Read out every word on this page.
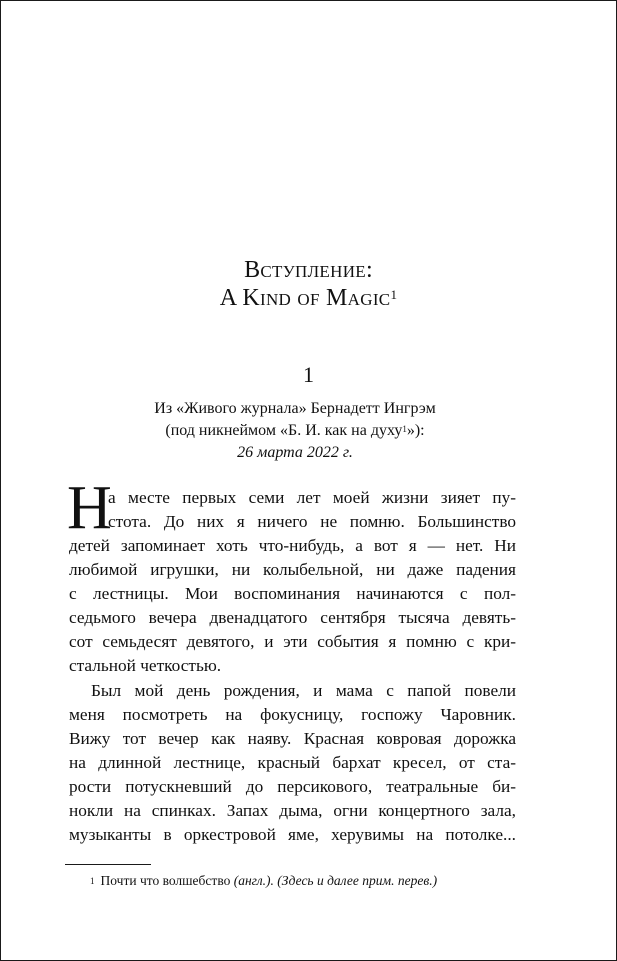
Вступление:
A Kind of Magic$^1$
1
Из «Живого журнала» Бернадетт Ингрэм
(под никнеймом «Б. И. как на духу$^1$»):
26 марта 2022 г.
Н
а месте первых семи лет моей жизни зияет пу-
стота. До них я ничего не помню. Большинство
детей запоминает хоть что-нибудь, а вот я — нет. Ни
любимой игрушки, ни колыбельной, ни даже падения
с лестницы. Мои воспоминания начинаются с пол-
седьмого вечера двенадцатого сентября тысяча девять-
сот семьдесят девятого, и эти события я помню с кри-
стальной четкостью.
Был мой день рождения, и мама с папой повели
меня посмотреть на фокусницу, госпожу Чаровник.
Вижу тот вечер как наяву. Красная ковровая дорожка
на длинной лестнице, красный бархат кресел, от ста-
рости потускневший до персикового, театральные би-
нокли на спинках. Запах дыма, огни концертного зала,
музыканты в оркестровой яме, херувимы на потолке...
$^1$ Почти что волшебство (англ.). (Здесь и далее прим. перев.)
